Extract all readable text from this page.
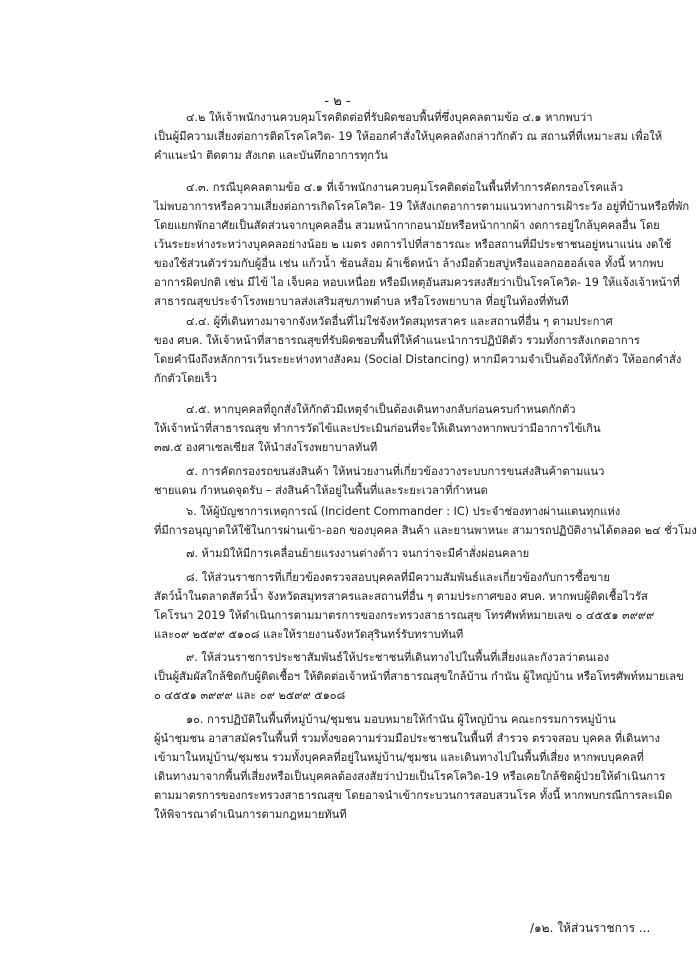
- ๒ -
๔.๒ ให้เจ้าพนักงานควบคุมโรคติดต่อที่รับผิดชอบพื้นที่ซึ่งบุคคลตามข้อ ๔.๑ หากพบว่า
เป็นผู้มีความเสี่ยงต่อการติดโรคโควิด- 19 ให้ออกคำสั่งให้บุคคลดังกล่าวกักตัว ณ สถานที่ที่เหมาะสม เพื่อให้
คำแนะนำ ติดตาม สังเกต และบันทึกอาการทุกวัน
๔.๓. กรณีบุคคลตามข้อ ๔.๑ ที่เจ้าพนักงานควบคุมโรคติดต่อในพื้นที่ทำการคัดกรองโรคแล้ว
ไม่พบอาการหรือความเสี่ยงต่อการเกิดโรคโควิด- 19 ให้สังเกตอาการตามแนวทางการเฝ้าระวัง อยู่ที่บ้านหรือที่พัก
โดยแยกพักอาศัยเป็นสัดส่วนจากบุคคลอื่น สวมหน้ากากอนามัยหรือหน้ากากผ้า งดการอยู่ใกล้บุคคลอื่น โดย
เว้นระยะห่างระหว่างบุคคลอย่างน้อย ๒ เมตร งดการไปที่สาธารณะ หรือสถานที่มีประชาชนอยู่หนาแน่น งดใช้
ของใช้ส่วนตัวร่วมกับผู้อื่น เช่น แก้วน้ำ ช้อนส้อม ผ้าเช็ดหน้า ล้างมือด้วยสบู่หรือแอลกอฮอล์เจล ทั้งนี้ หากพบ
อาการผิดปกติ เช่น มีไข้ ไอ เจ็บคอ หอบเหนื่อย หรือมีเหตุอันสมควรสงสัยว่าเป็นโรคโควิด- 19 ให้แจ้งเจ้าหน้าที่
สาธารณสุขประจำโรงพยาบาลส่งเสริมสุขภาพตำบล หรือโรงพยาบาล ที่อยู่ในท้องที่ทันที
๔.๔. ผู้ที่เดินทางมาจากจังหวัดอื่นที่ไม่ใช่จังหวัดสมุทรสาคร และสถานที่อื่น ๆ ตามประกาศ
ของ ศบค. ให้เจ้าหน้าที่สาธารณสุขที่รับผิดชอบพื้นที่ให้คำแนะนำการปฏิบัติตัว รวมทั้งการสังเกตอาการ
โดยคำนึงถึงหลักการเว้นระยะห่างทางสังคม (Social Distancing) หากมีความจำเป็นต้องให้กักตัว ให้ออกคำสั่ง
กักตัวโดยเร็ว
๔.๕. หากบุคคลที่ถูกสั่งให้กักตัวมีเหตุจำเป็นต้องเดินทางกลับก่อนครบกำหนดกักตัว
ให้เจ้าหน้าที่สาธารณสุข ทำการวัดไข้และประเมินก่อนที่จะให้เดินทางหากพบว่ามีอาการไข้เกิน
๓๗.๕ องศาเซลเซียส ให้นำส่งโรงพยาบาลทันที
๕. การคัดกรองรถขนส่งสินค้า ให้หน่วยงานที่เกี่ยวข้องวางระบบการขนส่งสินค้าตามแนว
ชายแดน กำหนดจุดรับ – ส่งสินค้าให้อยู่ในพื้นที่และระยะเวลาที่กำหนด
๖. ให้ผู้บัญชาการเหตุการณ์ (Incident Commander : IC) ประจำช่องทางผ่านแดนทุกแห่ง
ที่มีการอนุญาตให้ใช้ในการผ่านเข้า-ออก ของบุคคล สินค้า และยานพาหนะ สามารถปฏิบัติงานได้ตลอด ๒๔ ชั่วโมง
๗. ห้ามมิให้มีการเคลื่อนย้ายแรงงานต่างด้าว จนกว่าจะมีคำสั่งผ่อนคลาย
๘. ให้ส่วนราชการที่เกี่ยวข้องตรวจสอบบุคคลที่มีความสัมพันธ์และเกี่ยวข้องกับการซื้อขาย
สัตว์น้ำในตลาดสัตว์น้ำ จังหวัดสมุทรสาครและสถานที่อื่น ๆ ตามประกาศของ ศบค. หากพบผู้ติดเชื้อไวรัส
โคโรนา 2019 ให้ดำเนินการตามมาตรการของกระทรวงสาธารณสุข โทรศัพท์หมายเลข ๐ ๔๕๕๑ ๓๙๙๙
และ๐๙ ๒๕๙๙ ๕๑๐๘ และให้รายงานจังหวัดสุรินทร์รับทราบทันที
๙. ให้ส่วนราชการประชาสัมพันธ์ให้ประชาชนที่เดินทางไปในพื้นที่เสี่ยงและกังวลว่าตนเอง
เป็นผู้สัมผัสใกล้ชิดกับผู้ติดเชื้อฯ ให้ติดต่อเจ้าหน้าที่สาธารณสุขใกล้บ้าน กำนัน ผู้ใหญ่บ้าน หรือโทรศัพท์หมายเลข
๐ ๔๕๕๑ ๓๙๙๙ และ ๐๙ ๒๕๙๙ ๕๑๐๘
๑๐. การปฏิบัติในพื้นที่หมู่บ้าน/ชุมชน มอบหมายให้กำนัน ผู้ใหญ่บ้าน คณะกรรมการหมู่บ้าน
ผู้นำชุมชน อาสาสมัครในพื้นที่ รวมทั้งขอความร่วมมือประชาชนในพื้นที่ สำรวจ ตรวจสอบ บุคคล ที่เดินทาง
เข้ามาในหมู่บ้าน/ชุมชน รวมทั้งบุคคลที่อยู่ในหมู่บ้าน/ชุมชน และเดินทางไปในพื้นที่เสี่ยง หากพบบุคคลที่
เดินทางมาจากพื้นที่เสี่ยงหรือเป็นบุคคลต้องสงสัยว่าป่วยเป็นโรคโควิด-19 หรือเคยใกล้ชิดผู้ป่วยให้ดำเนินการ
ตามมาตรการของกระทรวงสาธารณสุข โดยอาจนำเข้ากระบวนการสอบสวนโรค ทั้งนี้ หากพบกรณีการละเมิด
ให้พิจารณาดำเนินการตามกฎหมายทันที
/๑๒. ให้ส่วนราชการ ...
